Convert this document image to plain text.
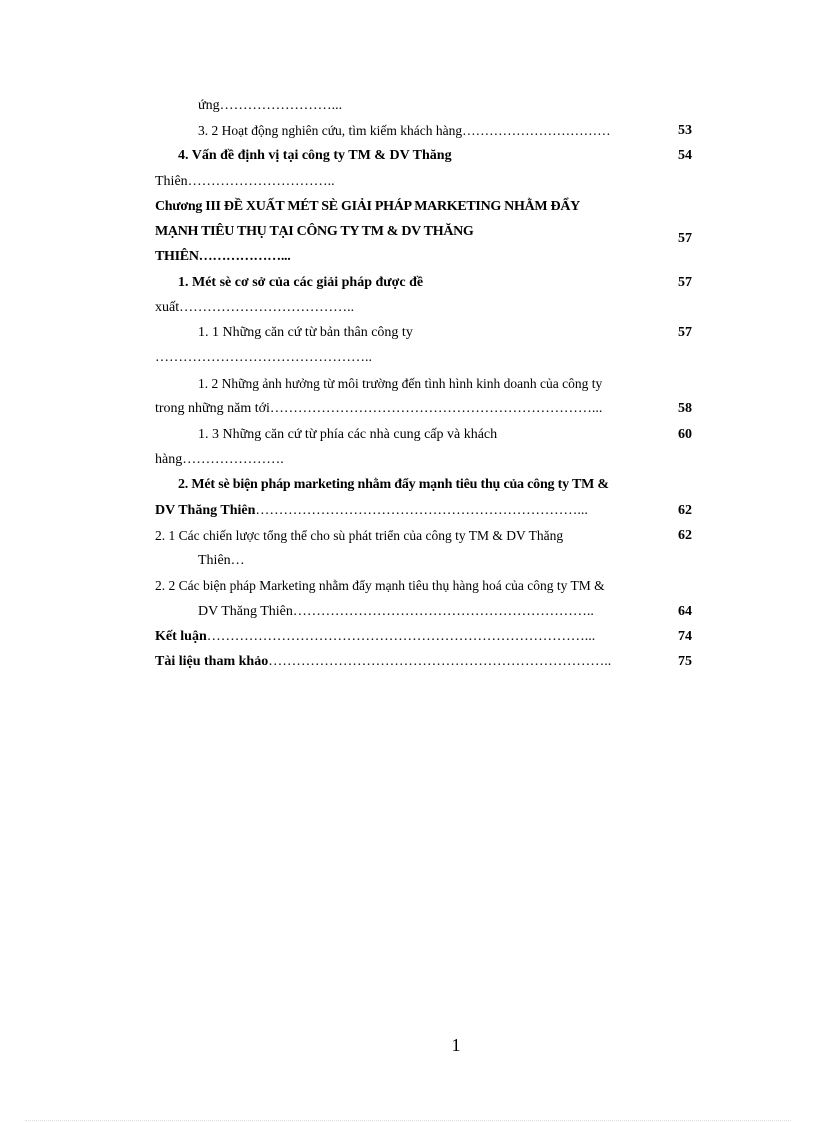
ứng……………………...
3. 2 Hoạt động nghiên cứu, tìm kiếm khách hàng……………………………	53
4. Vấn đề định vị tại công ty TM & DV Thăng	54
Thiên…………………………..
Chương III ĐỀ XUẤT MÉT SÈ GIẢI PHÁP MARKETING NHẰM ĐẨY
MẠNH TIÊU THỤ TẠI CÔNG TY TM & DV THĂNG	57
THIÊN………………...
1. Mét sè cơ sở của các giải pháp được đề	57
xuất………………………………..
1. 1 Những căn cứ từ bản thân công ty	57
………………………………………..
1. 2 Những ảnh hưởng từ môi trường đến tình hình kinh doanh của công ty
trong những năm tới……………………………………………………………...	58
1. 3 Những căn cứ từ phía các nhà cung cấp và khách	60
hàng………………….
2. Mét sè biện pháp marketing nhằm đẩy mạnh tiêu thụ của công ty TM &
DV Thăng Thiên……………………………………………………………...	62
2. 1 Các chiến lược tổng thể cho sù phát triển của công ty TM & DV Thăng	62
Thiên…
2. 2 Các biện pháp Marketing nhằm đẩy mạnh tiêu thụ hàng hoá của công ty TM &
DV Thăng Thiên………………………………………………………..	64
Kết luận………………………………………………………………………...	74
Tài liệu tham khảo………………………………………………………………..	75
1
